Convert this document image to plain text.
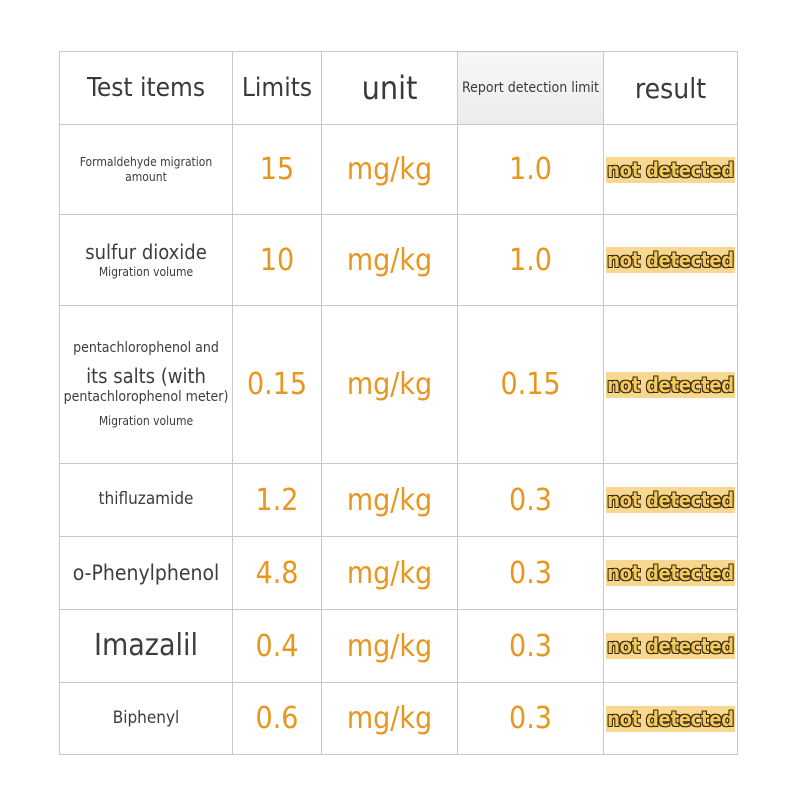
Test items	Limits	unit	Report detection limit	result

Formaldehyde migration
amount	15	mg/kg	1.0	not detected

sulfur dioxide
Migration volume	10	mg/kg	1.0	not detected

pentachlorophenol and
its salts (with
pentachlorophenol meter)
Migration volume	0.15	mg/kg	0.15	not detected

thifluzamide	1.2	mg/kg	0.3	not detected

o-Phenylphenol	4.8	mg/kg	0.3	not detected

Imazalil	0.4	mg/kg	0.3	not detected

Biphenyl	0.6	mg/kg	0.3	not detected
